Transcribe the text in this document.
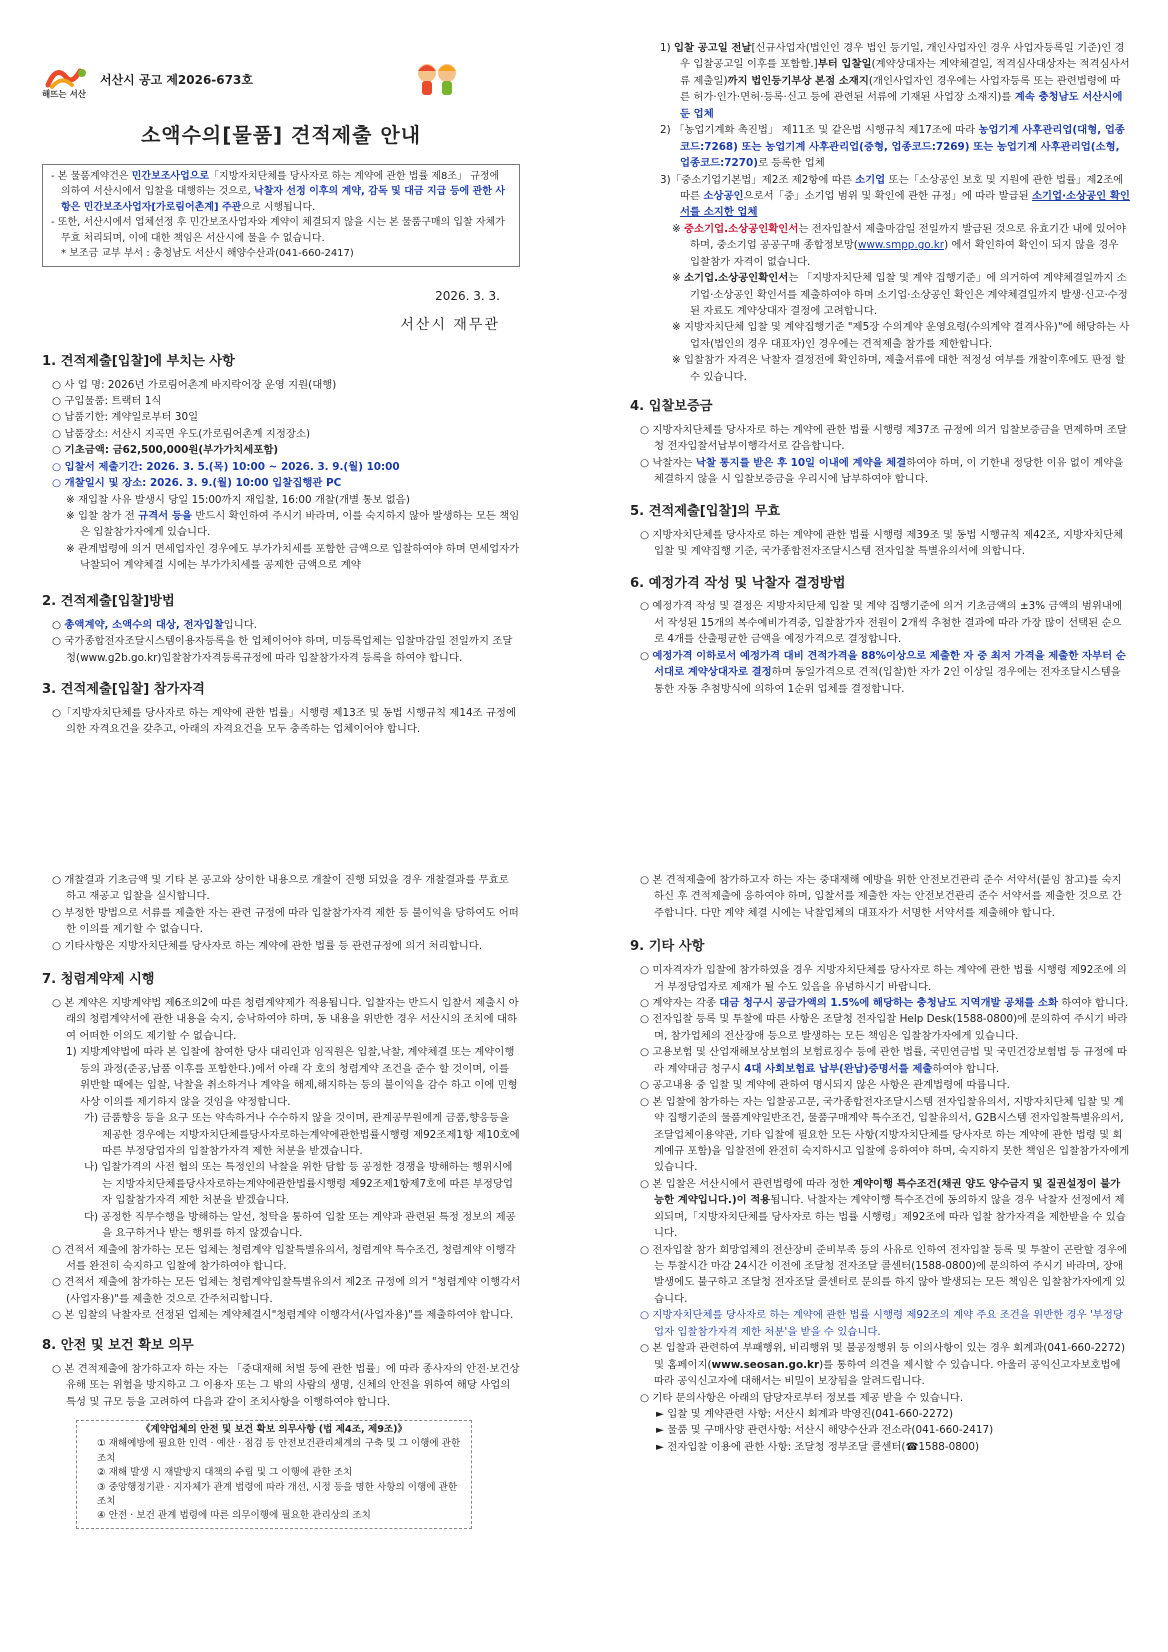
해뜨는 서산
서산시 공고 제2026-673호
소액수의[물품] 견적제출 안내

- 본 물품계약건은 민간보조사업으로「지방자치단체를 당사자로 하는 계약에 관한 법률 제8조」 규정에 의하여 서산시에서 입찰을 대행하는 것으로, 낙찰자 선정 이후의 계약, 감독 및 대금 지급 등에 관한 사항은 민간보조사업자[가로림어촌계] 주관으로 시행됩니다.

- 또한, 서산시에서 업체선정 후 민간보조사업자와 계약이 체결되지 않을 시는 본 물품구매의 입찰 자체가 무효 처리되며, 이에 대한 책임은 서산시에 물을 수 없습니다.

* 보조금 교부 부서 : 충청남도 서산시 해양수산과(041-660-2417)

2026. 3. 3.
서산시 재무관
1. 견적제출[입찰]에 부치는 사항
○ 사 업 명: 2026년 가로림어촌계 바지락어장 운영 지원(대행)
○ 구입물품: 트랙터 1식
○ 납품기한: 계약일로부터 30일
○ 납품장소: 서산시 지곡면 우도(가로림어촌계 지정장소)
○ 기초금액: 금62,500,000원(부가가치세포함)
○ 입찰서 제출기간: 2026. 3. 5.(목) 10:00 ~ 2026. 3. 9.(월) 10:00
○ 개찰일시 및 장소: 2026. 3. 9.(월) 10:00 입찰집행관 PC
※ 재입찰 사유 발생시 당일 15:00까지 재입찰, 16:00 개찰(개별 통보 없음)
※ 입찰 참가 전 규격서 등을 반드시 확인하여 주시기 바라며, 이를 숙지하지 않아 발생하는 모든 책임은 입찰참가자에게 있습니다.
※ 관계법령에 의거 면세업자인 경우에도 부가가치세를 포함한 금액으로 입찰하여야 하며 면세업자가 낙찰되어 계약체결 시에는 부가가치세를 공제한 금액으로 계약
2. 견적제출[입찰]방법
○ 총액계약, 소액수의 대상, 전자입찰입니다.
○ 국가종합전자조달시스템이용자등록을 한 업체이어야 하며, 미등록업체는 입찰마감일 전일까지 조달청(www.g2b.go.kr)입찰참가자격등록규정에 따라 입찰참가자격 등록을 하여야 합니다.
3. 견적제출[입찰] 참가자격
○「지방자치단체를 당사자로 하는 계약에 관한 법률」시행령 제13조 및 동법 시행규칙 제14조 규정에 의한 자격요건을 갖추고, 아래의 자격요건을 모두 충족하는 업체이어야 합니다.
1) 입찰 공고일 전날[신규사업자(법인인 경우 법인 등기일, 개인사업자인 경우 사업자등록일 기준)인 경우 입찰공고일 이후를 포함함.]부터 입찰일(계약상대자는 계약체결일, 적격심사대상자는 적격심사서류 제출일)까지 법인등기부상 본점 소재지(개인사업자인 경우에는 사업자등록 또는 관련법령에 따른 허가·인가·면허·등록·신고 등에 관련된 서류에 기재된 사업장 소재지)를 계속 충청남도 서산시에 둔 업체
2) 「농업기계화 촉진법」 제11조 및 같은법 시행규칙 제17조에 따라 농업기계 사후관리업(대형, 업종코드:7268) 또는 농업기계 사후관리업(중형, 업종코드:7269) 또는 농업기계 사후관리업(소형, 업종코드:7270)로 등록한 업체
3)「중소기업기본법」제2조 제2항에 따른 소기업 또는「소상공인 보호 및 지원에 관한 법률」제2조에 따른 소상공인으로서「중」소기업 범위 및 확인에 관한 규정」에 따라 발급된 소기업·소상공인 확인서를 소지한 업체
※ 중소기업.소상공인확인서는 전자입찰서 제출마감일 전일까지 발급된 것으로 유효기간 내에 있어야 하며, 중소기업 공공구매 종합정보망(www.smpp.go.kr) 에서 확인하여 확인이 되지 않을 경우 입찰참가 자격이 없습니다.
※ 소기업.소상공인확인서는 「지방자치단체 입찰 및 계약 집행기준」에 의거하여 계약체결일까지 소기업·소상공인 확인서를 제출하여야 하며 소기업·소상공인 확인은 계약체결일까지 발생·신고·수정된 자료도 계약상대자 결정에 고려합니다.
※ 지방자치단체 입찰 및 계약집행기준 "제5장 수의계약 운영요령(수의계약 결격사유)"에 해당하는 사업자(법인의 경우 대표자)인 경우에는 견적제출 참가를 제한합니다.
※ 입찰참가 자격은 낙찰자 결정전에 확인하며, 제출서류에 대한 적정성 여부를 개찰이후에도 판정 할 수 있습니다.
4. 입찰보증금
○ 지방자치단체를 당사자로 하는 계약에 관한 법률 시행령 제37조 규정에 의거 입찰보증금을 면제하며 조달청 전자입찰서납부이행각서로 갈음합니다.
○ 낙찰자는 낙찰 통지를 받은 후 10일 이내에 계약을 체결하여야 하며, 이 기한내 정당한 이유 없이 계약을 체결하지 않을 시 입찰보증금을 우리시에 납부하여야 합니다.
5. 견적제출[입찰]의 무효
○ 지방자치단체를 당사자로 하는 계약에 관한 법률 시행령 제39조 및 동법 시행규칙 제42조, 지방자치단체 입찰 및 계약집행 기준, 국가종합전자조달시스템 전자입찰 특별유의서에 의합니다.
6. 예정가격 작성 및 낙찰자 결정방법
○ 예정가격 작성 및 결정은 지방자치단체 입찰 및 계약 집행기준에 의거 기초금액의 ±3% 금액의 범위내에서 작성된 15개의 복수예비가격중, 입찰참가자 전원이 2개씩 추첨한 결과에 따라 가장 많이 선택된 순으로 4개를 산출평균한 금액을 예정가격으로 결정합니다.
○ 예정가격 이하로서 예정가격 대비 견적가격을 88%이상으로 제출한 자 중 최저 가격을 제출한 자부터 순서대로 계약상대자로 결정하며 동일가격으로 견적(입찰)한 자가 2인 이상일 경우에는 전자조달시스템을 통한 자동 추첨방식에 의하여 1순위 업체를 결정합니다.
○ 개찰결과 기초금액 및 기타 본 공고와 상이한 내용으로 개찰이 진행 되었을 경우 개찰결과를 무효로 하고 재공고 입찰을 실시합니다.
○ 부정한 방법으로 서류를 제출한 자는 관련 규정에 따라 입찰참가자격 제한 등 불이익을 당하여도 어떠한 이의를 제기할 수 없습니다.
○ 기타사항은 지방자치단체를 당사자로 하는 계약에 관한 법률 등 관련규정에 의거 처리합니다.
7. 청렴계약제 시행
○ 본 계약은 지방계약법 제6조의2에 따른 청렴계약제가 적용됩니다. 입찰자는 반드시 입찰서 제출시 아래의 청렴계약서에 관한 내용을 숙지, 승낙하여야 하며, 동 내용을 위반한 경우 서산시의 조치에 대하여 어떠한 이의도 제기할 수 없습니다.
1) 지방계약법에 따라 본 입찰에 참여한 당사 대리인과 임직원은 입찰,낙찰, 계약체결 또는 계약이행 등의 과정(준공,납품 이후를 포함한다.)에서 아래 각 호의 청렴계약 조건을 준수 할 것이며, 이를 위반할 때에는 입찰, 낙찰을 취소하거나 계약을 해제,해지하는 등의 불이익을 감수 하고 이에 민형사상 이의를 제기하지 않을 것임을 약정합니다.
가) 금품향응 등을 요구 또는 약속하거나 수수하지 않을 것이며, 관계공무원에게 금품,향응등을 제공한 경우에는 지방자치단체를당사자로하는계약에관한법률시행령 제92조제1항 제10호에 따른 부정당업자의 입찰참가자격 제한 처분을 받겠습니다.
나) 입찰가격의 사전 협의 또는 특정인의 낙찰을 위한 담합 등 공정한 경쟁을 방해하는 행위시에는 지방자치단체를당사자로하는계약에관한법률시행령 제92조제1항제7호에 따른 부정당업자 입찰참가자격 제한 처분을 받겠습니다.
다) 공정한 직무수행을 방해하는 알선, 청탁을 통하여 입찰 또는 계약과 관련된 특정 정보의 제공을 요구하거나 받는 행위를 하지 않겠습니다.
○ 견적서 제출에 참가하는 모든 업체는 청렴계약 입찰특별유의서, 청렴계약 특수조건, 청렴계약 이행각서를 완전히 숙지하고 입찰에 참가하여야 합니다.
○ 견적서 제출에 참가하는 모든 업체는 청렴계약입찰특별유의서 제2조 규정에 의거 "청렴계약 이행각서(사업자용)"를 제출한 것으로 간주처리합니다.
○ 본 입찰의 낙찰자로 선정된 업체는 계약체결시"청렴계약 이행각서(사업자용)"를 제출하여야 합니다.
8. 안전 및 보건 확보 의무
○ 본 견적제출에 참가하고자 하는 자는 「중대재해 처벌 등에 관한 법률」에 따라 종사자의 안전·보건상 유해 또는 위험을 방지하고 그 이용자 또는 그 밖의 사람의 생명, 신체의 안전을 위하여 해당 사업의 특성 및 규모 등을 고려하여 다음과 같이 조치사항을 이행하여야 합니다.
《계약업체의 안전 및 보건 확보 의무사항 (법 제4조, 제9조)》

① 재해예방에 필요한 인력 · 예산 · 점검 등 안전보건관리체계의 구축 및 그 이행에 관한 조치

② 재해 발생 시 재발방지 대책의 수립 및 그 이행에 관한 조치

③ 중앙행정기관 · 지자체가 관계 법령에 따라 개선, 시정 등을 명한 사항의 이행에 관한 조치

④ 안전 · 보건 관계 법령에 따른 의무이행에 필요한 관리상의 조치

○ 본 견적제출에 참가하고자 하는 자는 중대재해 예방을 위한 안전보건관리 준수 서약서(붙임 참고)를 숙지하신 후 견적제출에 응하여야 하며, 입찰서를 제출한 자는 안전보건관리 준수 서약서를 제출한 것으로 간주합니다. 다만 계약 체결 시에는 낙찰업체의 대표자가 서명한 서약서를 제출해야 합니다.
9. 기타 사항
○ 미자격자가 입찰에 참가하였을 경우 지방자치단체를 당사자로 하는 계약에 관한 법률 시행령 제92조에 의거 부정당업자로 제재가 될 수도 있음을 유념하시기 바랍니다.
○ 계약자는 각종 대금 청구시 공급가액의 1.5%에 해당하는 충청남도 지역개발 공채를 소화 하여야 합니다.
○ 전자입찰 등록 및 투찰에 따른 사항은 조달청 전자입찰 Help Desk(1588-0800)에 문의하여 주시기 바라며, 참가업체의 전산장애 등으로 발생하는 모든 책임은 입찰참가자에게 있습니다.
○ 고용보험 및 산업재해보상보험의 보험료징수 등에 관한 법률, 국민연금법 및 국민건강보험법 등 규정에 따라 계약대금 청구시 4대 사회보험료 납부(완납)증명서를 제출하여야 합니다.
○ 공고내용 중 입찰 및 계약에 관하여 명시되지 않은 사항은 관계법령에 따릅니다.
○ 본 입찰에 참가하는 자는 입찰공고문, 국가종합전자조달시스템 전자입찰유의서, 지방자치단체 입찰 및 계약 집행기준의 물품계약일반조건, 물품구매계약 특수조건, 입찰유의서, G2B시스템 전자입찰특별유의서, 조달업체이용약관, 기타 입찰에 필요한 모든 사항(지방자치단체를 당사자로 하는 계약에 관한 법령 및 회계예규 포함)을 입찰전에 완전히 숙지하시고 입찰에 응하여야 하며, 숙지하지 못한 책임은 입찰참가자에게 있습니다.
○ 본 입찰은 서산시에서 관련법령에 따라 정한 계약이행 특수조건(채권 양도 양수금지 및 질권설정이 불가능한 계약입니다.)이 적용됩니다. 낙찰자는 계약이행 특수조건에 동의하지 않을 경우 낙찰자 선정에서 제외되며,「지방자치단체를 당사자로 하는 법률 시행령」제92조에 따라 입찰 참가자격을 제한받을 수 있습니다.
○ 전자입찰 참가 희망업체의 전산장비 준비부족 등의 사유로 인하여 전자입찰 등록 및 투찰이 곤란할 경우에는 투찰시간 마감 24시간 이전에 조달청 전자조달 콜센터(1588-0800)에 문의하여 주시기 바라며, 장애 발생에도 불구하고 조달청 전자조달 콜센터로 문의를 하지 않아 발생되는 모든 책임은 입찰참가자에게 있습니다.
○ 지방자치단체를 당사자로 하는 계약에 관한 법률 시행령 제92조의 계약 주요 조건을 위반한 경우 '부정당업자 입찰참가자격 제한 처분'을 받을 수 있습니다.
○ 본 입찰과 관련하여 부패행위, 비리행위 및 불공정행위 등 이의사항이 있는 경우 회계과(041-660-2272) 및 홈페이지(www.seosan.go.kr)를 통하여 의견을 제시할 수 있습니다. 아울러 공익신고자보호법에 따라 공익신고자에 대해서는 비밀이 보장됨을 알려드립니다.
○ 기타 문의사항은 아래의 담당자로부터 정보를 제공 받을 수 있습니다.
► 입찰 및 계약관련 사항: 서산시 회계과 박영진(041-660-2272)
► 물품 및 구매사양 관련사항: 서산시 해양수산과 전소라(041-660-2417)
► 전자입찰 이용에 관한 사항: 조달청 정부조달 콜센터(☎1588-0800)
